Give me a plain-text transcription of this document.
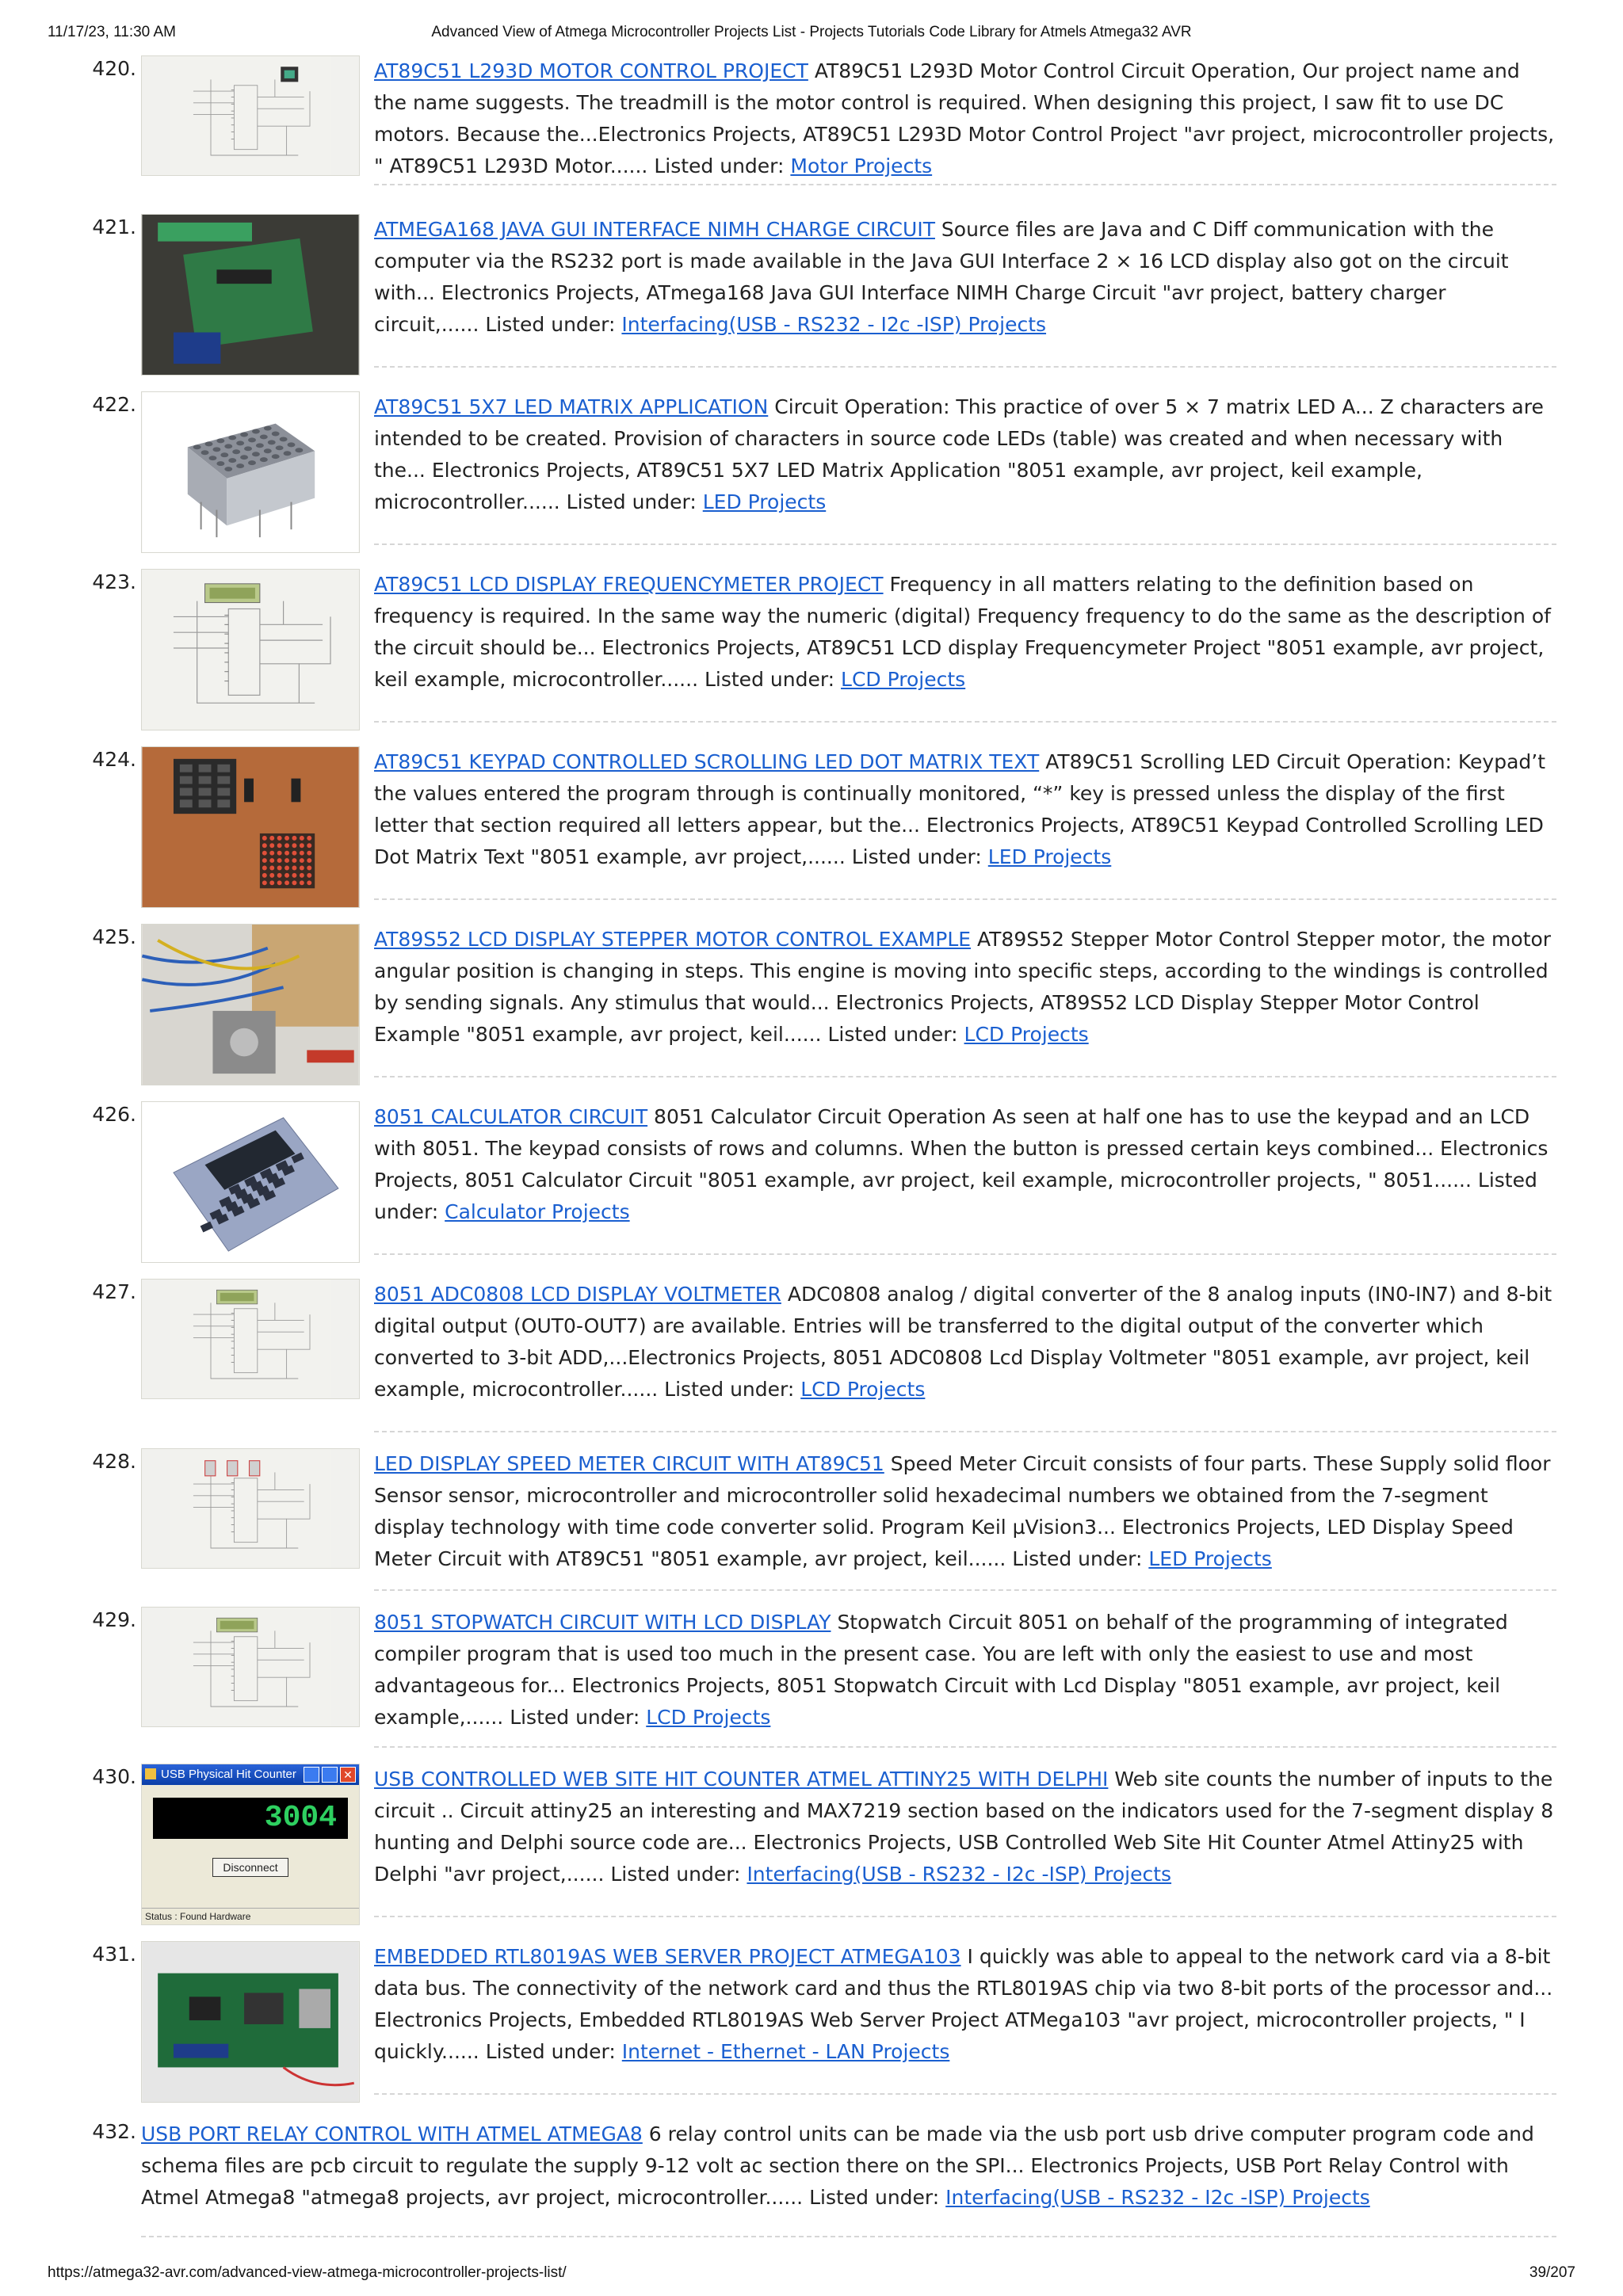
11/17/23, 11:30 AM	Advanced View of Atmega Microcontroller Projects List - Projects Tutorials Code Library for Atmels Atmega32 AVR
420.	AT89C51 L293D MOTOR CONTROL PROJECT AT89C51 L293D Motor Control Circuit Operation, Our project name and the name suggests. The treadmill is the motor control is required. When designing this project, I saw fit to use DC motors. Because the...Electronics Projects, AT89C51 L293D Motor Control Project "avr project, microcontroller projects, " AT89C51 L293D Motor...... Listed under: Motor Projects
421.	ATMEGA168 JAVA GUI INTERFACE NIMH CHARGE CIRCUIT Source files are Java and C Diff communication with the computer via the RS232 port is made available in the Java GUI Interface 2 × 16 LCD display also got on the circuit with... Electronics Projects, ATmega168 Java GUI Interface NIMH Charge Circuit "avr project, battery charger circuit,...... Listed under: Interfacing(USB - RS232 - I2c -ISP) Projects
422.	AT89C51 5X7 LED MATRIX APPLICATION Circuit Operation: This practice of over 5 × 7 matrix LED A... Z characters are intended to be created. Provision of characters in source code LEDs (table) was created and when necessary with the... Electronics Projects, AT89C51 5X7 LED Matrix Application "8051 example, avr project, keil example, microcontroller...... Listed under: LED Projects
423.	AT89C51 LCD DISPLAY FREQUENCYMETER PROJECT Frequency in all matters relating to the definition based on frequency is required. In the same way the numeric (digital) Frequency frequency to do the same as the description of the circuit should be... Electronics Projects, AT89C51 LCD display Frequencymeter Project "8051 example, avr project, keil example, microcontroller...... Listed under: LCD Projects
424.	AT89C51 KEYPAD CONTROLLED SCROLLING LED DOT MATRIX TEXT AT89C51 Scrolling LED Circuit Operation: Keypad’t the values entered the program through is continually monitored, “*” key is pressed unless the display of the first letter that section required all letters appear, but the... Electronics Projects, AT89C51 Keypad Controlled Scrolling LED Dot Matrix Text "8051 example, avr project,...... Listed under: LED Projects
425.	AT89S52 LCD DISPLAY STEPPER MOTOR CONTROL EXAMPLE AT89S52 Stepper Motor Control Stepper motor, the motor angular position is changing in steps. This engine is moving into specific steps, according to the windings is controlled by sending signals. Any stimulus that would... Electronics Projects, AT89S52 LCD Display Stepper Motor Control Example "8051 example, avr project, keil...... Listed under: LCD Projects
426.	8051 CALCULATOR CIRCUIT 8051 Calculator Circuit Operation As seen at half one has to use the keypad and an LCD with 8051. The keypad consists of rows and columns. When the button is pressed certain keys combined... Electronics Projects, 8051 Calculator Circuit "8051 example, avr project, keil example, microcontroller projects, " 8051...... Listed under: Calculator Projects
427.	8051 ADC0808 LCD DISPLAY VOLTMETER ADC0808 analog / digital converter of the 8 analog inputs (IN0-IN7) and 8-bit digital output (OUT0-OUT7) are available. Entries will be transferred to the digital output of the converter which converted to 3-bit ADD,...Electronics Projects, 8051 ADC0808 Lcd Display Voltmeter "8051 example, avr project, keil example, microcontroller...... Listed under: LCD Projects
428.	LED DISPLAY SPEED METER CIRCUIT WITH AT89C51 Speed Meter Circuit consists of four parts. These Supply solid floor Sensor sensor, microcontroller and microcontroller solid hexadecimal numbers we obtained from the 7-segment display technology with time code converter solid. Program Keil µVision3... Electronics Projects, LED Display Speed Meter Circuit with AT89C51 "8051 example, avr project, keil...... Listed under: LED Projects
429.	8051 STOPWATCH CIRCUIT WITH LCD DISPLAY Stopwatch Circuit 8051 on behalf of the programming of integrated compiler program that is used too much in the present case. You are left with only the easiest to use and most advantageous for... Electronics Projects, 8051 Stopwatch Circuit with Lcd Display "8051 example, avr project, keil example,...... Listed under: LCD Projects
430.	USB Physical Hit Counter	✕
3004
Disconnect
Status : Found Hardware
USB CONTROLLED WEB SITE HIT COUNTER ATMEL ATTINY25 WITH DELPHI Web site counts the number of inputs to the circuit .. Circuit attiny25 an interesting and MAX7219 section based on the indicators used for the 7-segment display 8 hunting and Delphi source code are... Electronics Projects, USB Controlled Web Site Hit Counter Atmel Attiny25 with Delphi "avr project,...... Listed under: Interfacing(USB - RS232 - I2c -ISP) Projects
431.	EMBEDDED RTL8019AS WEB SERVER PROJECT ATMEGA103 I quickly was able to appeal to the network card via a 8-bit data bus. The connectivity of the network card and thus the RTL8019AS chip via two 8-bit ports of the processor and... Electronics Projects, Embedded RTL8019AS Web Server Project ATMega103 "avr project, microcontroller projects, " I quickly...... Listed under: Internet - Ethernet - LAN Projects
432. USB PORT RELAY CONTROL WITH ATMEL ATMEGA8 6 relay control units can be made via the usb port usb drive computer program code and schema files are pcb circuit to regulate the supply 9-12 volt ac section there on the SPI... Electronics Projects, USB Port Relay Control with Atmel Atmega8 "atmega8 projects, avr project, microcontroller...... Listed under: Interfacing(USB - RS232 - I2c -ISP) Projects
https://atmega32-avr.com/advanced-view-atmega-microcontroller-projects-list/	39/207
